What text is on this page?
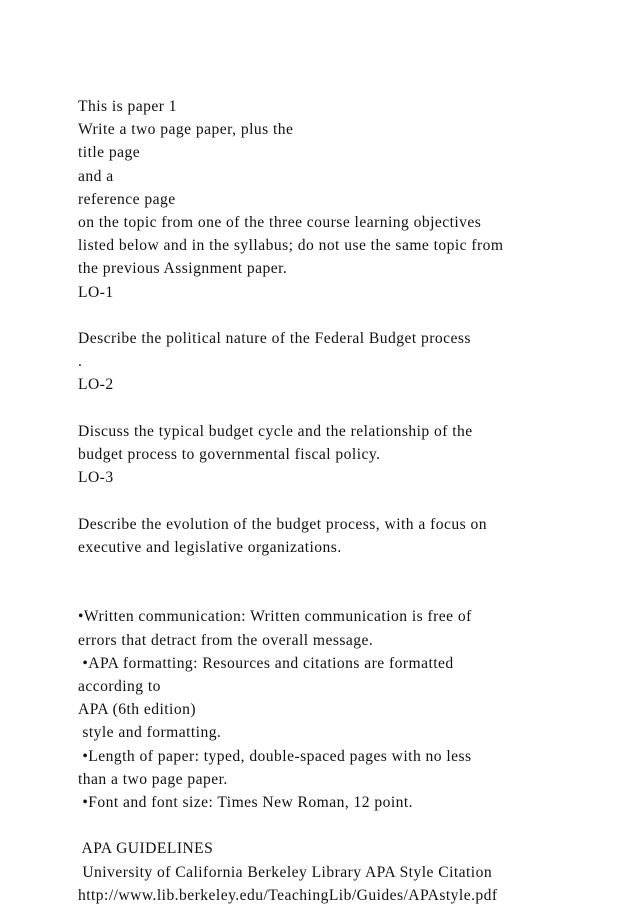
This is paper 1
Write a two page paper, plus the
title page
and a
reference page
on the topic from one of the three course learning objectives
listed below and in the syllabus; do not use the same topic from
the previous Assignment paper.
LO-1
Describe the political nature of the Federal Budget process
.
LO-2
Discuss the typical budget cycle and the relationship of the
budget process to governmental fiscal policy.
LO-3
Describe the evolution of the budget process, with a focus on
executive and legislative organizations.
•Written communication: Written communication is free of
errors that detract from the overall message.
•APA formatting: Resources and citations are formatted
according to
APA (6th edition)
style and formatting.
•Length of paper: typed, double-spaced pages with no less
than a two page paper.
•Font and font size: Times New Roman, 12 point.
APA GUIDELINES
University of California Berkeley Library APA Style Citation
http://www.lib.berkeley.edu/TeachingLib/Guides/APAstyle.pdf
